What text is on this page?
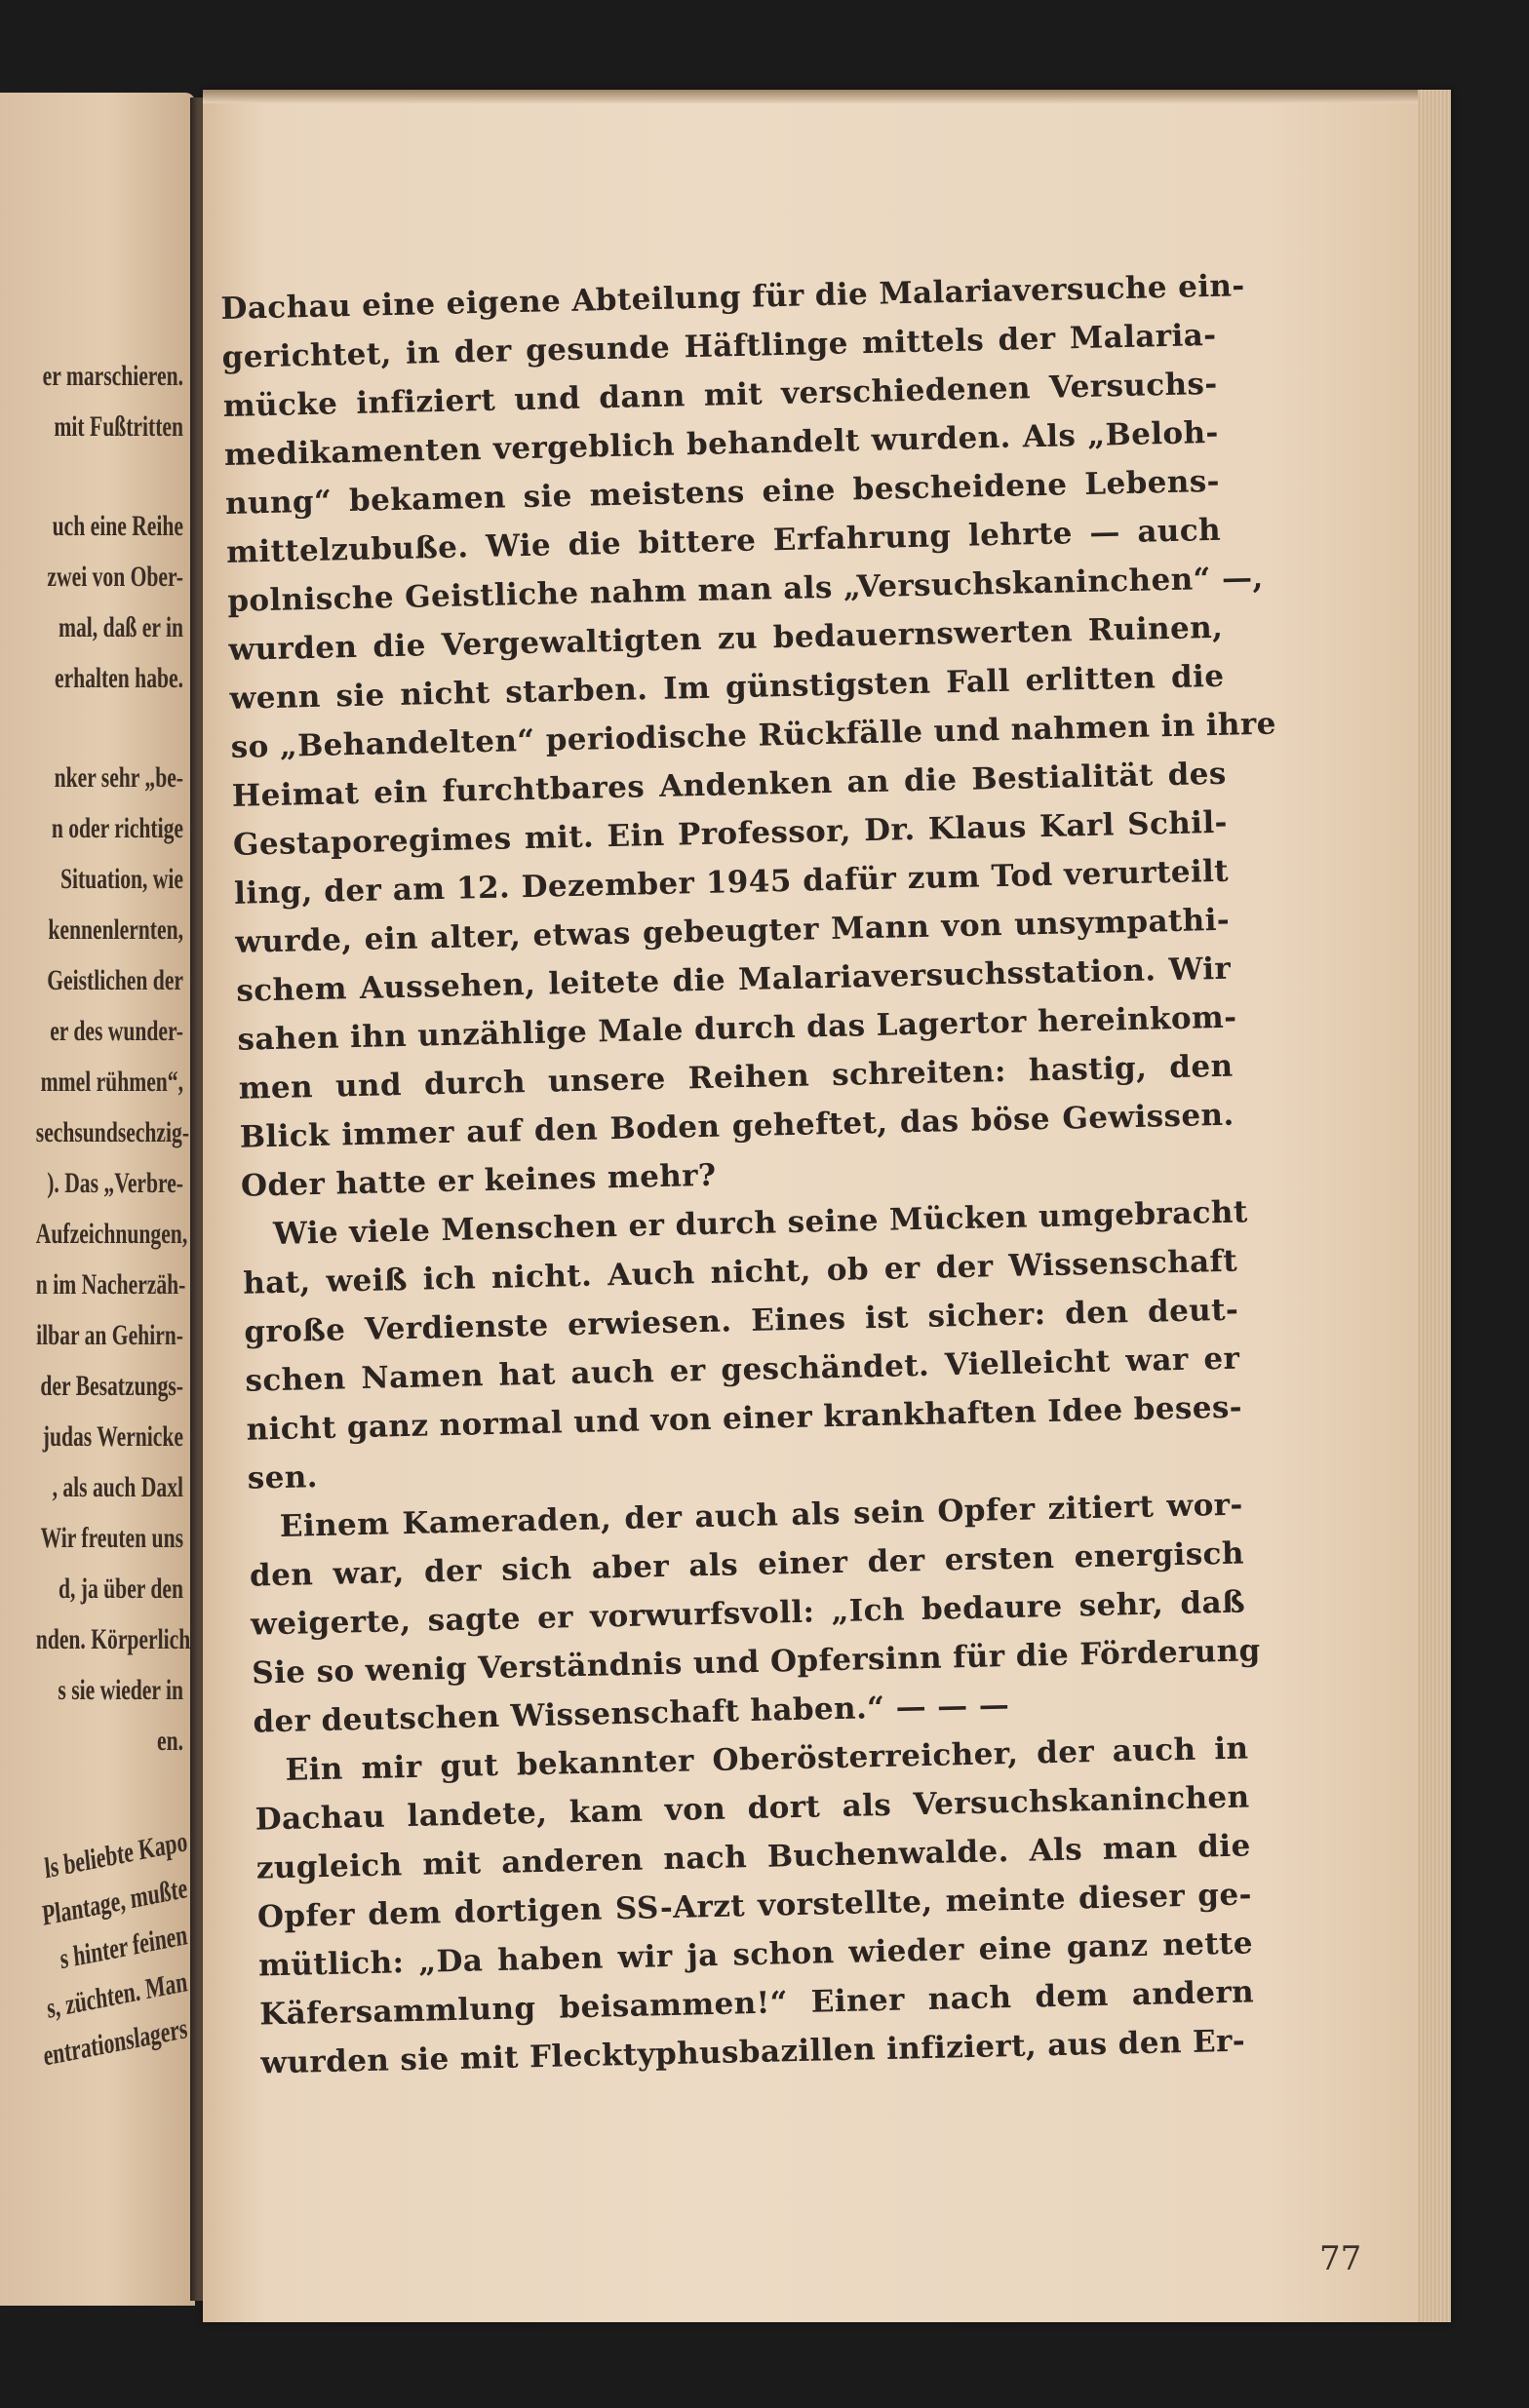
er marschieren.
mit Fußtritten
uch eine Reihe
zwei von Ober-
mal, daß er in
erhalten habe.
nker sehr „be-
n oder richtige
Situation, wie
kennenlernten,
Geistlichen der
er des wunder-
mmel rühmen“,
sechsundsechzig-
). Das „Verbre-
Aufzeichnungen,
n im Nacherzäh-
ilbar an Gehirn-
der Besatzungs-
judas Wernicke
, als auch Daxl
Wir freuten uns
d, ja über den
nden. Körperlich
s sie wieder in
en.
ls beliebte Kapo
Plantage, mußte
s hinter feinen
s, züchten. Man
entrationslagers
Dachau eine eigene Abteilung für die Malariaversuche ein-
gerichtet, in der gesunde Häftlinge mittels der Malaria-
mücke infiziert und dann mit verschiedenen Versuchs-
medikamenten vergeblich behandelt wurden. Als „Beloh-
nung“ bekamen sie meistens eine bescheidene Lebens-
mittelzubuße. Wie die bittere Erfahrung lehrte — auch
polnische Geistliche nahm man als „Versuchskaninchen“ —,
wurden die Vergewaltigten zu bedauernswerten Ruinen,
wenn sie nicht starben. Im günstigsten Fall erlitten die
so „Behandelten“ periodische Rückfälle und nahmen in ihre
Heimat ein furchtbares Andenken an die Bestialität des
Gestaporegimes mit. Ein Professor, Dr. Klaus Karl Schil-
ling, der am 12. Dezember 1945 dafür zum Tod verurteilt
wurde, ein alter, etwas gebeugter Mann von unsympathi-
schem Aussehen, leitete die Malariaversuchsstation. Wir
sahen ihn unzählige Male durch das Lagertor hereinkom-
men und durch unsere Reihen schreiten: hastig, den
Blick immer auf den Boden geheftet, das böse Gewissen.
Oder hatte er keines mehr?
Wie viele Menschen er durch seine Mücken umgebracht
hat, weiß ich nicht. Auch nicht, ob er der Wissenschaft
große Verdienste erwiesen. Eines ist sicher: den deut-
schen Namen hat auch er geschändet. Vielleicht war er
nicht ganz normal und von einer krankhaften Idee beses-
sen.
Einem Kameraden, der auch als sein Opfer zitiert wor-
den war, der sich aber als einer der ersten energisch
weigerte, sagte er vorwurfsvoll: „Ich bedaure sehr, daß
Sie so wenig Verständnis und Opfersinn für die Förderung
der deutschen Wissenschaft haben.“ — — —
Ein mir gut bekannter Oberösterreicher, der auch in
Dachau landete, kam von dort als Versuchskaninchen
zugleich mit anderen nach Buchenwalde. Als man die
Opfer dem dortigen SS-Arzt vorstellte, meinte dieser ge-
mütlich: „Da haben wir ja schon wieder eine ganz nette
Käfersammlung beisammen!“ Einer nach dem andern
wurden sie mit Flecktyphusbazillen infiziert, aus den Er-
77
